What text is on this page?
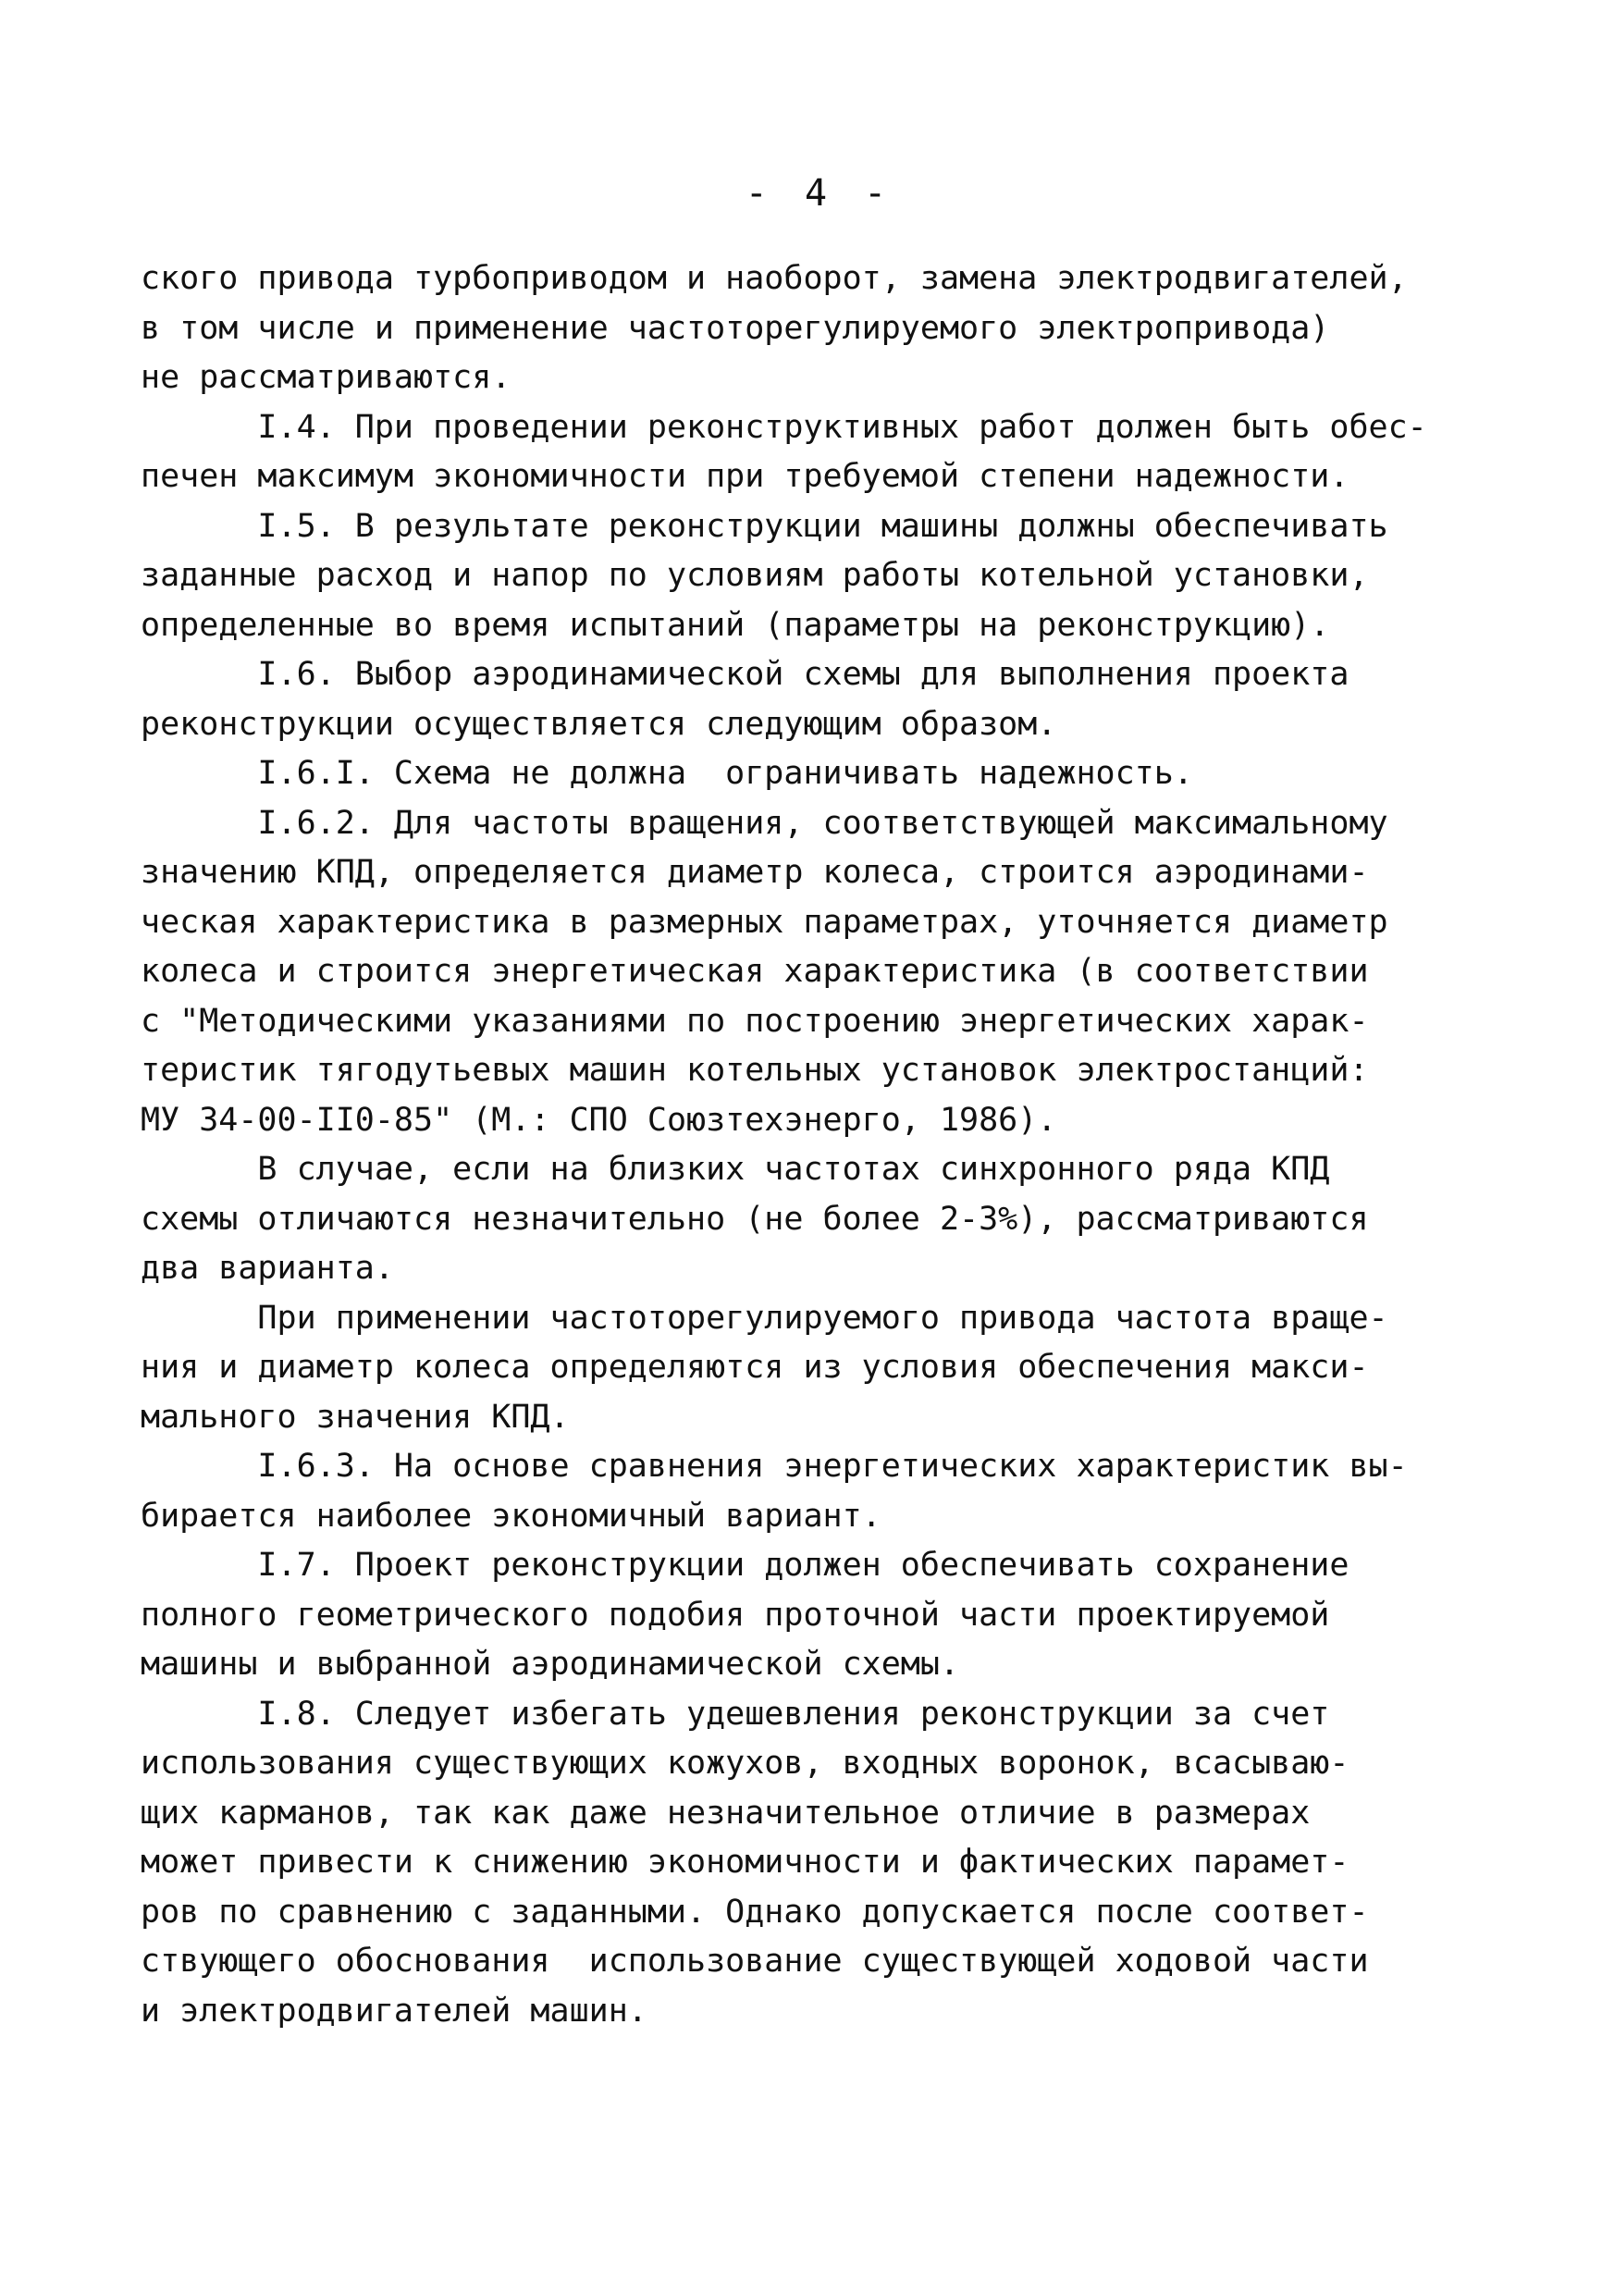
- 4 -
ского привода турбоприводом и наоборот, замена электродвигателей,
в том числе и применение частоторегулируемого электропривода)
не рассматриваются.
I.4. При проведении реконструктивных работ должен быть обес-
печен максимум экономичности при требуемой степени надежности.
I.5. В результате реконструкции машины должны обеспечивать
заданные расход и напор по условиям работы котельной установки,
определенные во время испытаний (параметры на реконструкцию).
I.6. Выбор аэродинамической схемы для выполнения проекта
реконструкции осуществляется следующим образом.
I.6.I. Схема не должна  ограничивать надежность.
I.6.2. Для частоты вращения, соответствующей максимальному
значению КПД, определяется диаметр колеса, строится аэродинами-
ческая характеристика в размерных параметрах, уточняется диаметр
колеса и строится энергетическая характеристика (в соответствии
с "Методическими указаниями по построению энергетических харак-
теристик тягодутьевых машин котельных установок электростанций:
МУ 34-00-II0-85" (М.: СПО Союзтехэнерго, 1986).
В случае, если на близких частотах синхронного ряда КПД
схемы отличаются незначительно (не более 2-3%), рассматриваются
два варианта.
При применении частоторегулируемого привода частота враще-
ния и диаметр колеса определяются из условия обеспечения макси-
мального значения КПД.
I.6.3. На основе сравнения энергетических характеристик вы-
бирается наиболее экономичный вариант.
I.7. Проект реконструкции должен обеспечивать сохранение
полного геометрического подобия проточной части проектируемой
машины и выбранной аэродинамической схемы.
I.8. Следует избегать удешевления реконструкции за счет
использования существующих кожухов, входных воронок, всасываю-
щих карманов, так как даже незначительное отличие в размерах
может привести к снижению экономичности и фактических парамет-
ров по сравнению с заданными. Однако допускается после соответ-
ствующего обоснования  использование существующей ходовой части
и электродвигателей машин.
